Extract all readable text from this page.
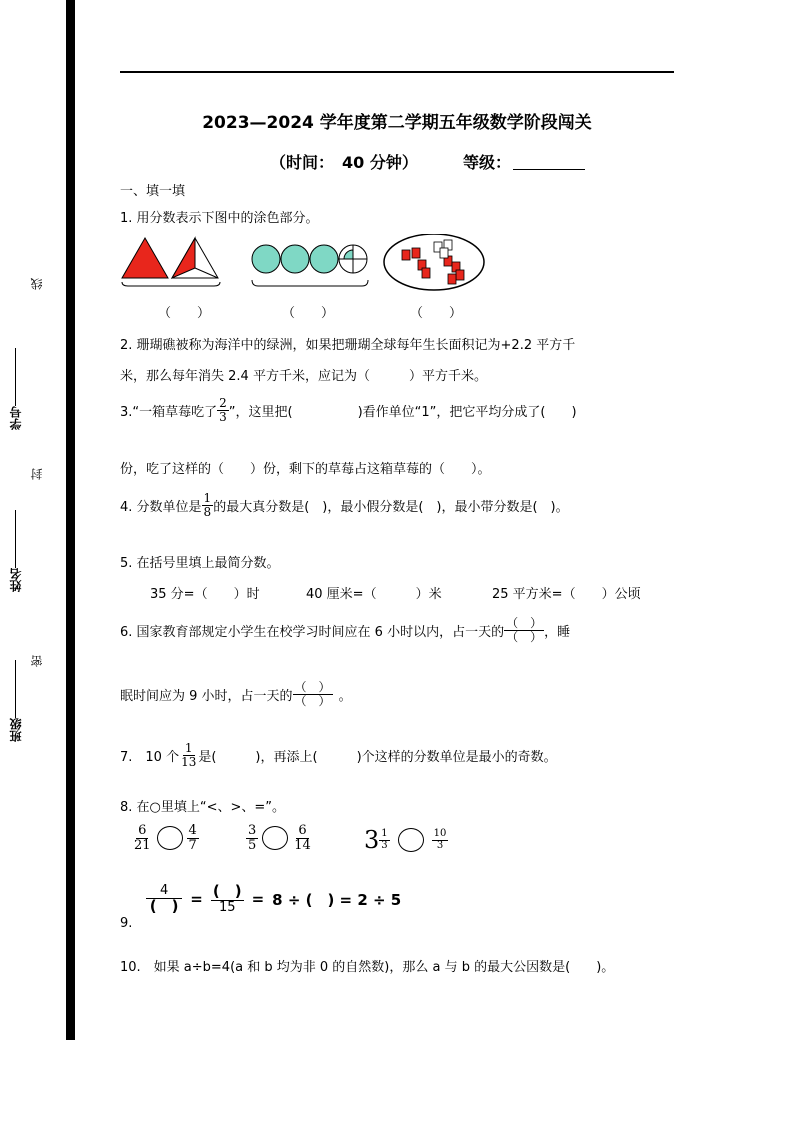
线
封
密
学号
姓名
班级
2023—2024 学年度第二学期五年级数学阶段闯关
（时间：　40 分钟）	等级：
一、填一填
1. 用分数表示下图中的涂色部分。
（　　）	（　　）	（　　）
2. 珊瑚礁被称为海洋中的绿洲，如果把珊瑚全球每年生长面积记为+2.2 平方千
米，那么每年消失 2.4 平方千米，应记为（　　　）平方千米。
3.“一箱草莓吃了 $\frac{2}{3}$ ”，这里把(　　　　　)看作单位“1”，把它平均分成了(　　)
份，吃了这样的（　　）份，剩下的草莓占这箱草莓的（　　）。
4. 分数单位是 $\frac{1}{8}$ 的最大真分数是(　)，最小假分数是(　)，最小带分数是(　)。
5. 在括号里填上最简分数。
35 分=（　　）时	40 厘米=（　　　）米	25 平方米=（　　）公顷
6. 国家教育部规定小学生在校学习时间应在 6 小时以内，占一天的 $\frac{( )}{( )}$ ，睡
眠时间应为 9 小时，占一天的 $\frac{( )}{( )}$ 。
7.　10 个 $\frac{1}{13}$ 是(　　　)，再添上(　　　)个这样的分数单位是最小的奇数。
8. 在○里填上“<、>、=”。
$\frac{6}{21}$	$\frac{4}{7}$	$\frac{3}{5}$	$\frac{6}{14} 3 \frac{1}{3}$	$\frac{10}{3}$
9.
$\frac{4}{( )} = \frac{( )}{15} = 8$ ÷ (　) = 2 ÷ 5
10.　如果 a÷b=4(a 和 b 均为非 0 的自然数)，那么 a 与 b 的最大公因数是(　　)。
